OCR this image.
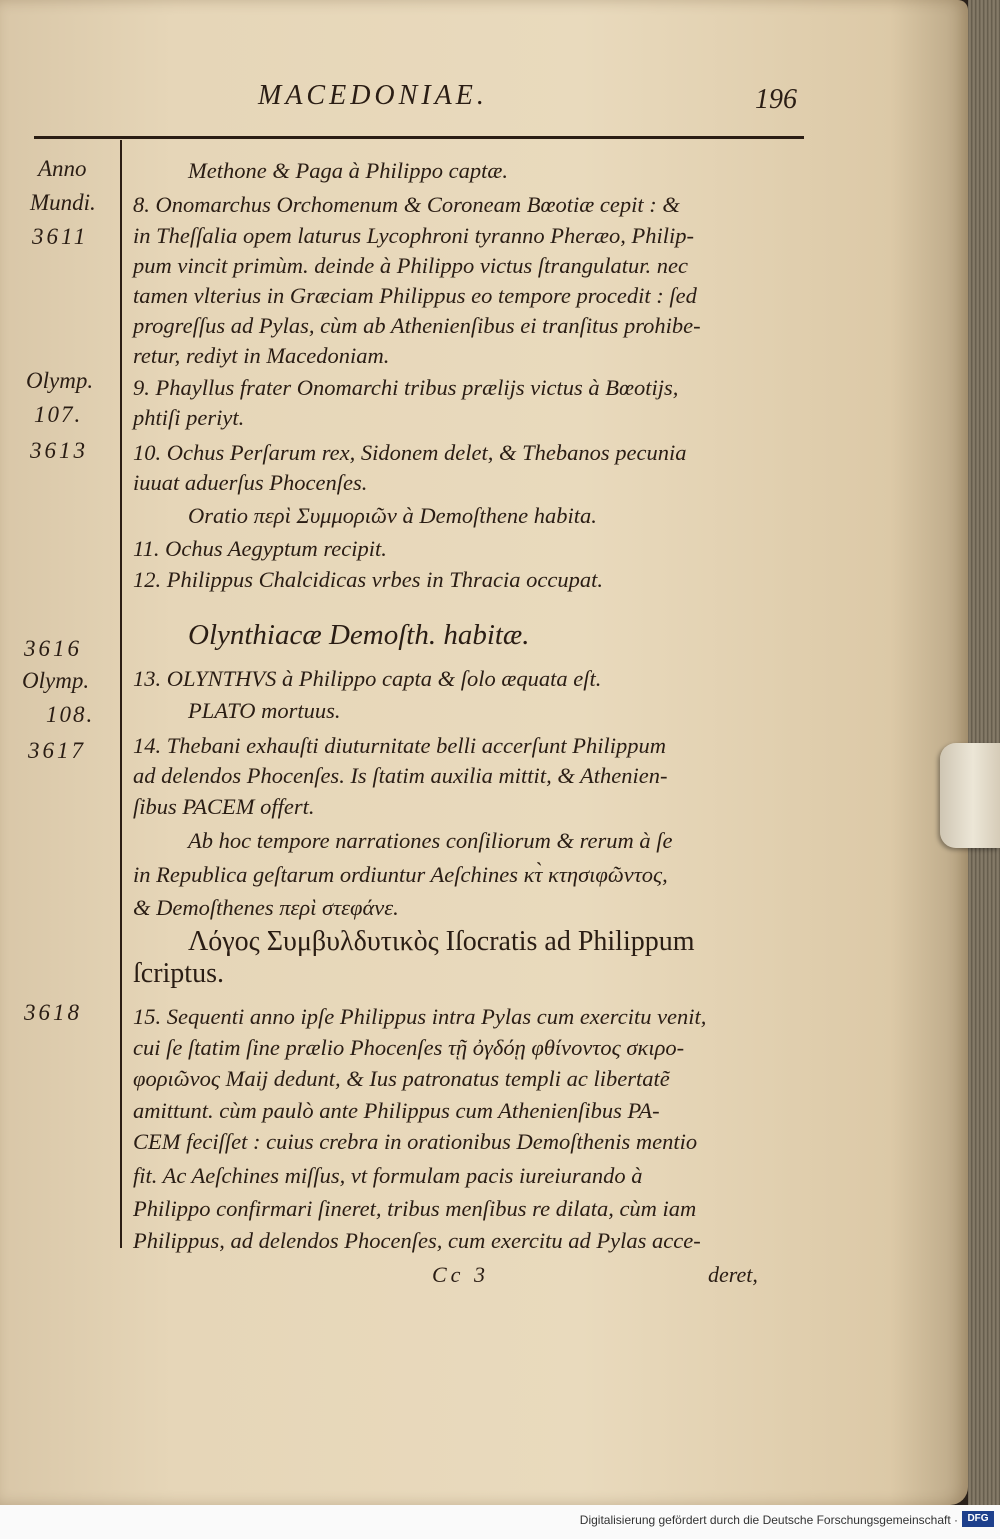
MACEDONIAE.	196
Anno
Mundi.
3611
Olymp.
107.
3613
3616
Olymp.
108.
3617
3618
Methone & Paga à Philippo captæ.
8. Onomarchus Orchomenum & Coroneam Bœotiæ cepit : &
in Theſſalia opem laturus Lycophroni tyranno Pheræo, Philip-
pum vincit primùm. deinde à Philippo victus ſtrangulatur. nec
tamen vlterius in Græciam Philippus eo tempore procedit : ſed
progreſſus ad Pylas, cùm ab Athenienſibus ei tranſitus prohibe-
retur, rediyt in Macedoniam.
9. Phayllus frater Onomarchi tribus prælijs victus à Bœotijs,
phtiſi periyt.
10. Ochus Perſarum rex, Sidonem delet, & Thebanos pecunia
iuuat aduerſus Phocenſes.
Oratio περὶ Συμμοριῶν à Demoſthene habita.
11. Ochus Aegyptum recipit.
12. Philippus Chalcidicas vrbes in Thracia occupat.
Olynthiacæ Demoſth. habitæ.
13. OLYNTHVS à Philippo capta & ſolo æquata eſt.
PLATO mortuus.
14. Thebani exhauſti diuturnitate belli accerſunt Philippum
ad delendos Phocenſes. Is ſtatim auxilia mittit, & Athenien-
ſibus PACEM offert.
Ab hoc tempore narrationes conſiliorum & rerum à ſe
in Republica geſtarum ordiuntur Aeſchines κτ̀ κτησιφῶντος,
& Demoſthenes περὶ στεφάνε.
Λόγος Συμβυλδυτικὸς Iſocratis ad Philippum
ſcriptus.
15. Sequenti anno ipſe Philippus intra Pylas cum exercitu venit,
cui ſe ſtatim ſine prælio Phocenſes τῇ ὀγδόῃ φθίνοντος σκιρο-
φοριῶνος Maij dedunt, & Ius patronatus templi ac libertatẽ
amittunt. cùm paulò ante Philippus cum Athenienſibus PA-
CEM feciſſet : cuius crebra in orationibus Demoſthenis mentio
fit. Ac Aeſchines miſſus, vt formulam pacis iureiurando à
Philippo confirmari ſineret, tribus menſibus re dilata, cùm iam
Philippus, ad delendos Phocenſes, cum exercitu ad Pylas acce-
Cc 3	deret,
Digitalisierung gefördert durch die Deutsche Forschungsgemeinschaft · DFG
